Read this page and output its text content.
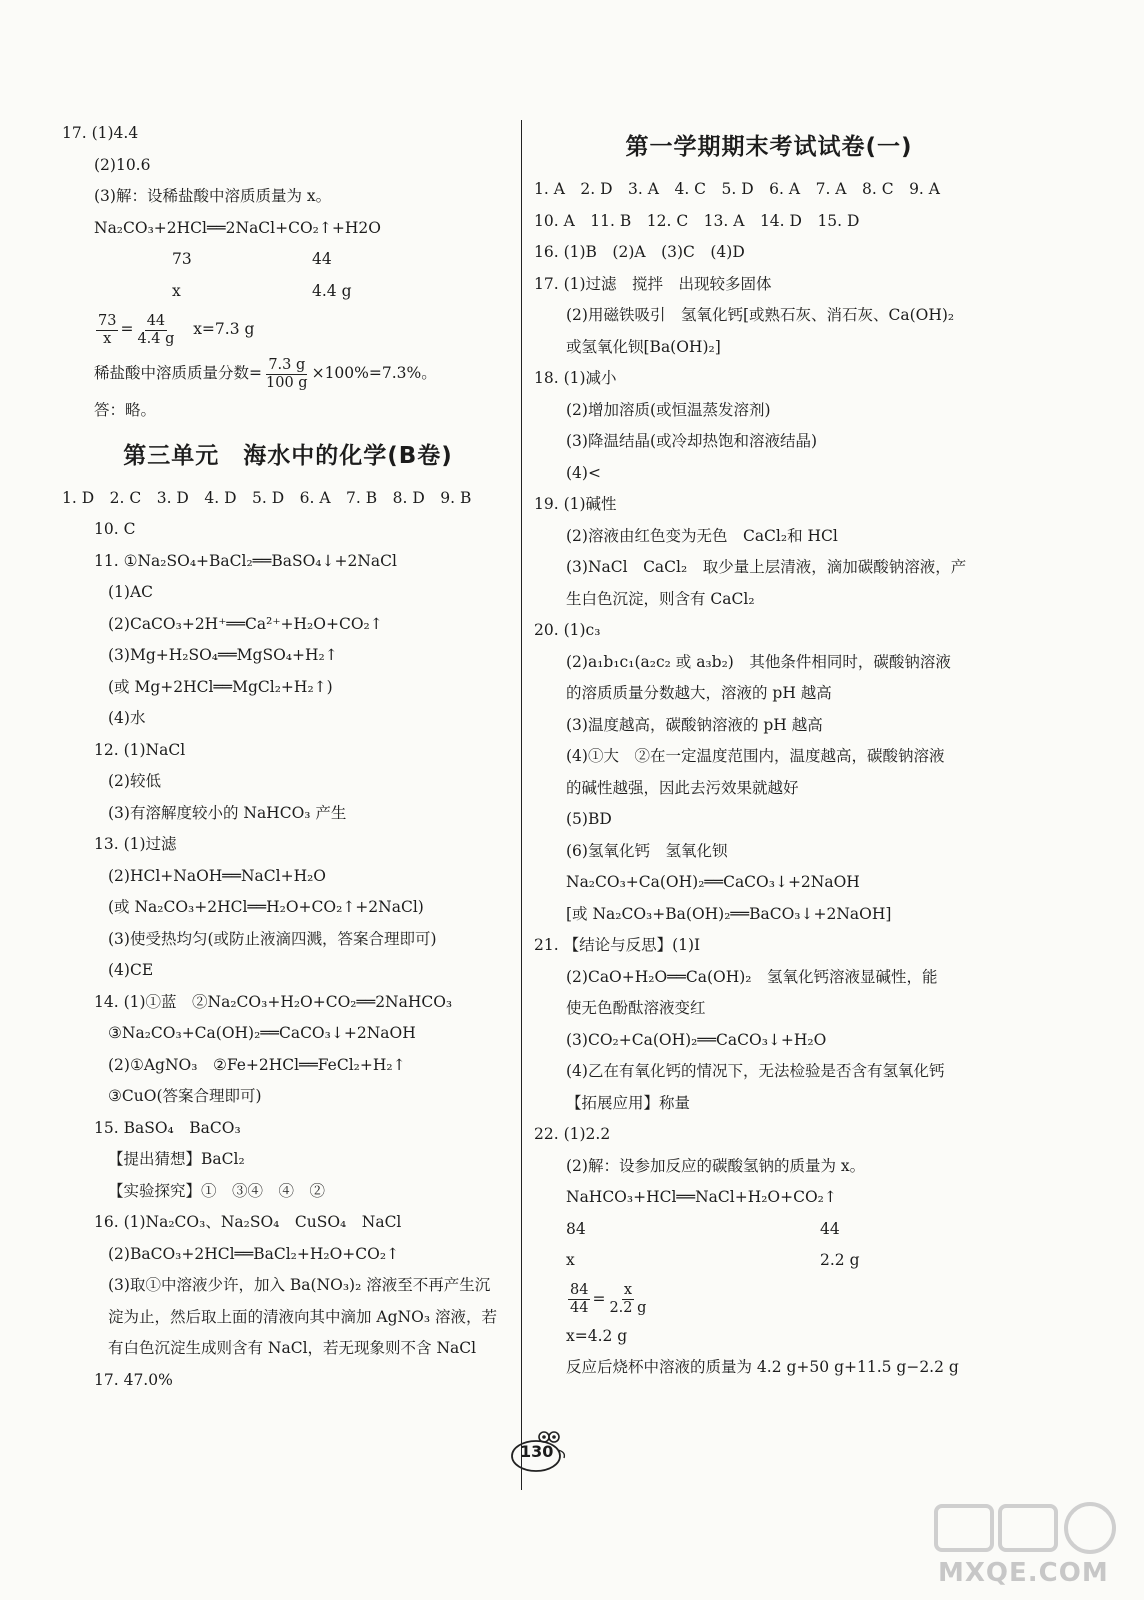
17. (1)4.4
(2)10.6
(3)解：设稀盐酸中溶质质量为 x。
Na₂CO₃+2HCl══2NaCl+CO₂↑+H2O
73	44
x	4.4 g
$\frac{73}{x} = \frac{44}{4.4 g} x=7.3$ g
稀盐酸中溶质质量分数= $\frac{7.3 g}{100 g} \times 100\%=7.3\%$。
答：略。
第三单元　海水中的化学(B卷)
1. D　2. C　3. D　4. D　5. D　6. A　7. B　8. D　9. B
10. C
11. ①Na₂SO₄+BaCl₂══BaSO₄↓+2NaCl
(1)AC
(2)CaCO₃+2H⁺══Ca²⁺+H₂O+CO₂↑
(3)Mg+H₂SO₄══MgSO₄+H₂↑
(或 Mg+2HCl══MgCl₂+H₂↑)
(4)水
12. (1)NaCl
(2)较低
(3)有溶解度较小的 NaHCO₃ 产生
13. (1)过滤
(2)HCl+NaOH══NaCl+H₂O
(或 Na₂CO₃+2HCl══H₂O+CO₂↑+2NaCl)
(3)使受热均匀(或防止液滴四溅，答案合理即可)
(4)CE
14. (1)①蓝　②Na₂CO₃+H₂O+CO₂══2NaHCO₃
③Na₂CO₃+Ca(OH)₂══CaCO₃↓+2NaOH
(2)①AgNO₃　②Fe+2HCl══FeCl₂+H₂↑
③CuO(答案合理即可)
15. BaSO₄　BaCO₃
【提出猜想】BaCl₂
【实验探究】①　③④　④　②
16. (1)Na₂CO₃、Na₂SO₄　CuSO₄　NaCl
(2)BaCO₃+2HCl══BaCl₂+H₂O+CO₂↑
(3)取①中溶液少许，加入 Ba(NO₃)₂ 溶液至不再产生沉
淀为止，然后取上面的清液向其中滴加 AgNO₃ 溶液，若
有白色沉淀生成则含有 NaCl，若无现象则不含 NaCl
17. 47.0%
第一学期期末考试试卷(一)
1. A　2. D　3. A　4. C　5. D　6. A　7. A　8. C　9. A
10. A　11. B　12. C　13. A　14. D　15. D
16. (1)B　(2)A　(3)C　(4)D
17. (1)过滤　搅拌　出现较多固体
(2)用磁铁吸引　氢氧化钙[或熟石灰、消石灰、Ca(OH)₂
或氢氧化钡[Ba(OH)₂]
18. (1)减小
(2)增加溶质(或恒温蒸发溶剂)
(3)降温结晶(或冷却热饱和溶液结晶)
(4)<
19. (1)碱性
(2)溶液由红色变为无色　CaCl₂和 HCl
(3)NaCl　CaCl₂　取少量上层清液，滴加碳酸钠溶液，产
生白色沉淀，则含有 CaCl₂
20. (1)c₃
(2)a₁b₁c₁(a₂c₂ 或 a₃b₂)　其他条件相同时，碳酸钠溶液
的溶质质量分数越大，溶液的 pH 越高
(3)温度越高，碳酸钠溶液的 pH 越高
(4)①大　②在一定温度范围内，温度越高，碳酸钠溶液
的碱性越强，因此去污效果就越好
(5)BD
(6)氢氧化钙　氢氧化钡
Na₂CO₃+Ca(OH)₂══CaCO₃↓+2NaOH
[或 Na₂CO₃+Ba(OH)₂══BaCO₃↓+2NaOH]
21. 【结论与反思】(1)Ⅰ
(2)CaO+H₂O══Ca(OH)₂　氢氧化钙溶液显碱性，能
使无色酚酞溶液变红
(3)CO₂+Ca(OH)₂══CaCO₃↓+H₂O
(4)乙在有氧化钙的情况下，无法检验是否含有氢氧化钙
【拓展应用】称量
22. (1)2.2
(2)解：设参加反应的碳酸氢钠的质量为 x。
NaHCO₃+HCl══NaCl+H₂O+CO₂↑
84	44
x	2.2 g
$\frac{84}{44} = \frac{x}{2.2 g}$
x=4.2 g
反应后烧杯中溶液的质量为 4.2 g+50 g+11.5 g−2.2 g
130
MXQE.COM
